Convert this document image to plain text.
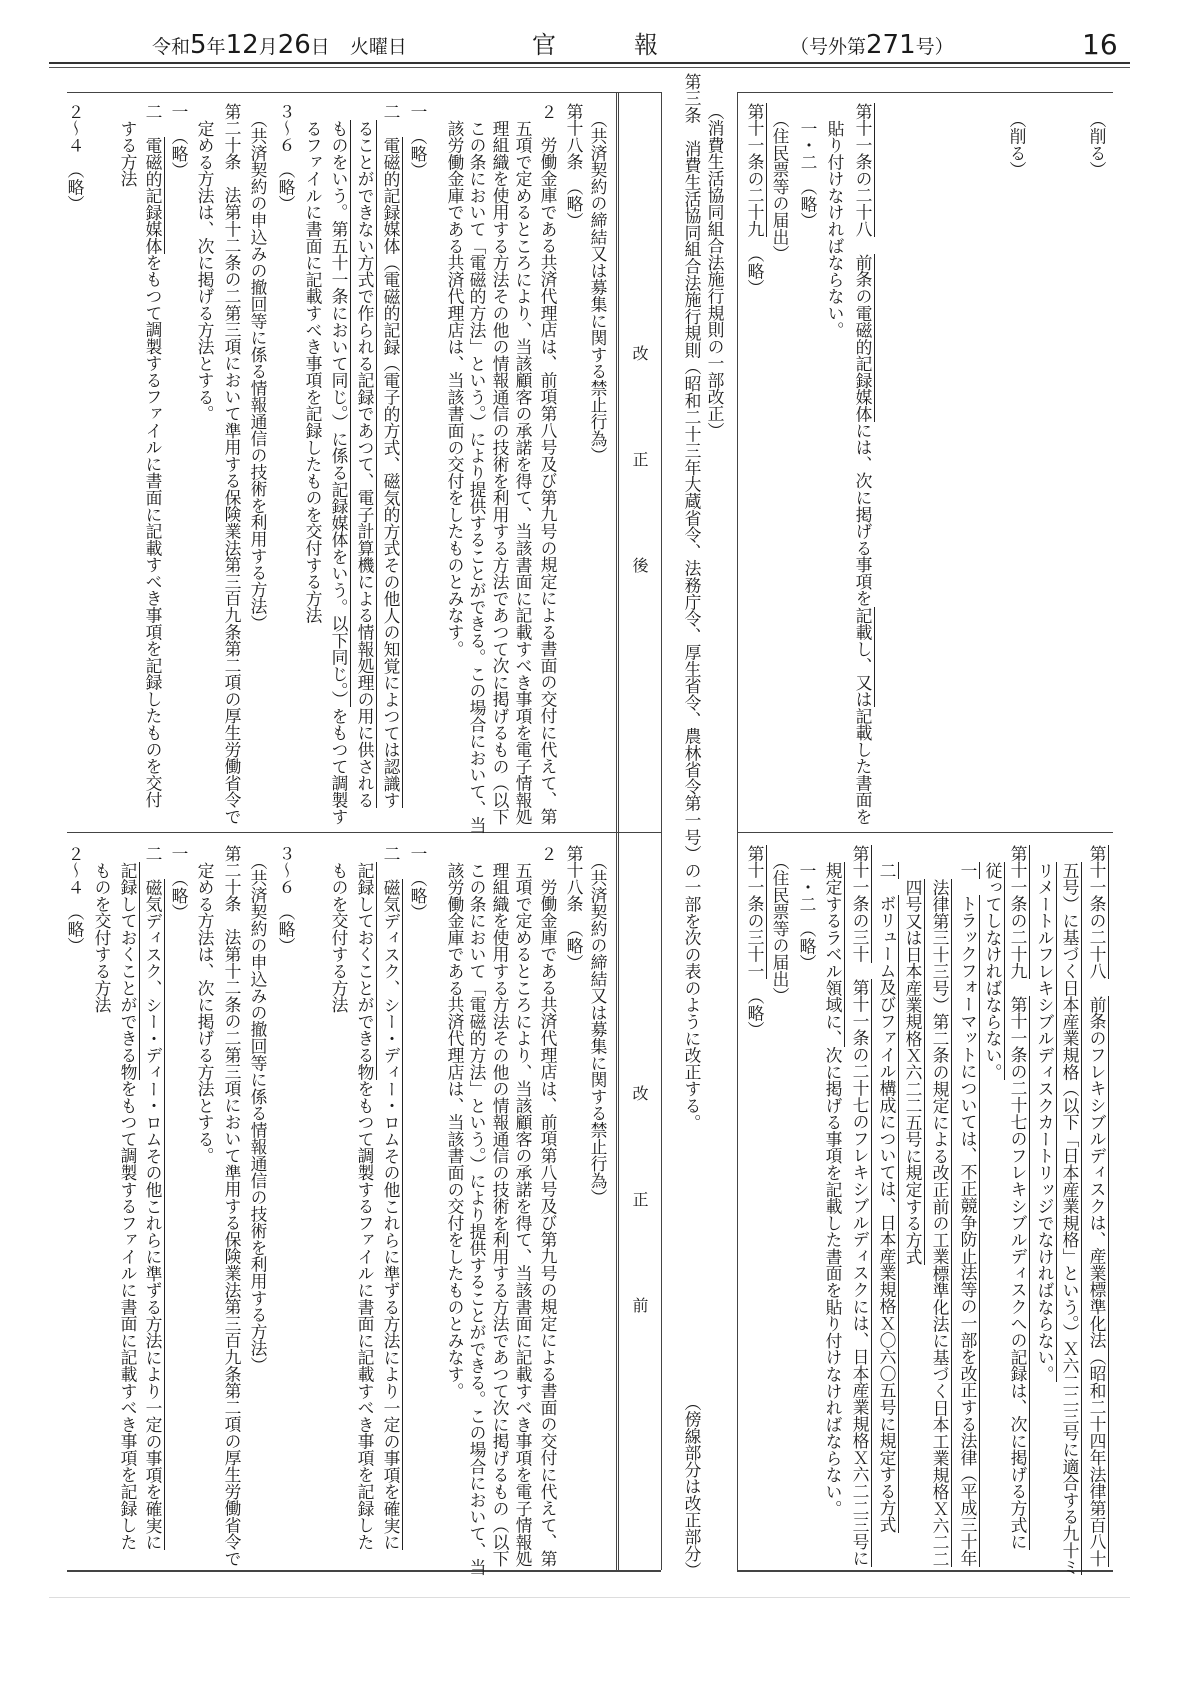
令和5年12月26日 火曜日	官	報	（号外第271号）	16
（削る）
（削る）
第十一条の二十八　前条の電磁的記録媒体には、次に掲げる事項を記載し、又は記載した書面を
貼り付けなければならない。
一・二　（略）
（住民票等の届出）
第十一条の二十九　（略）
第十一条の二十八　前条のフレキシブルディスクは、産業標準化法（昭和二十四年法律第百八十
五号）に基づく日本産業規格（以下「日本産業規格」という。）Ｘ六二二三号に適合する九十ミ
リメートルフレキシブルディスクカートリッジでなければならない。
第十一条の二十九　第十一条の二十七のフレキシブルディスクへの記録は、次に掲げる方式に
従ってしなければならない。
一　トラックフォーマットについては、不正競争防止法等の一部を改正する法律（平成三十年
法律第三十三号）第二条の規定による改正前の工業標準化法に基づく日本工業規格Ｘ六二二
四号又は日本産業規格Ｘ六二二五号に規定する方式
二　ボリューム及びファイル構成については、日本産業規格Ｘ〇六〇五号に規定する方式
第十一条の三十　第十一条の二十七のフレキシブルディスクには、日本産業規格Ｘ六二二三号に
規定するラベル領域に、次に掲げる事項を記載した書面を貼り付けなければならない。
一・二　（略）
（住民票等の届出）
第十一条の三十一　（略）
（消費生活協同組合法施行規則の一部改正）
第三条　消費生活協同組合法施行規則（昭和二十三年大蔵省令、法務庁令、厚生省令、農林省令第一号）の一部を次の表のように改正する。
（傍線部分は改正部分）
改正後
改正前
（共済契約の締結又は募集に関する禁止行為）
第十八条　（略）
２　労働金庫である共済代理店は、前項第八号及び第九号の規定による書面の交付に代えて、第
五項で定めるところにより、当該顧客の承諾を得て、当該書面に記載すべき事項を電子情報処
理組織を使用する方法その他の情報通信の技術を利用する方法であつて次に掲げるもの（以下
この条において「電磁的方法」という。）により提供することができる。この場合において、当
該労働金庫である共済代理店は、当該書面の交付をしたものとみなす。
一　（略）
二　電磁的記録媒体（電磁的記録（電子的方式、磁気的方式その他人の知覚によつては認識す
ることができない方式で作られる記録であつて、電子計算機による情報処理の用に供される
ものをいう。第五十一条において同じ。）に係る記録媒体をいう。以下同じ。）をもつて調製す
るファイルに書面に記載すべき事項を記録したものを交付する方法
３～６　（略）
（共済契約の申込みの撤回等に係る情報通信の技術を利用する方法）
第二十条　法第十二条の二第三項において準用する保険業法第三百九条第二項の厚生労働省令で
定める方法は、次に掲げる方法とする。
一　（略）
二　電磁的記録媒体をもつて調製するファイルに書面に記載すべき事項を記録したものを交付
する方法
２～４　（略）
（共済契約の締結又は募集に関する禁止行為）
第十八条　（略）
２　労働金庫である共済代理店は、前項第八号及び第九号の規定による書面の交付に代えて、第
五項で定めるところにより、当該顧客の承諾を得て、当該書面に記載すべき事項を電子情報処
理組織を使用する方法その他の情報通信の技術を利用する方法であつて次に掲げるもの（以下
この条において「電磁的方法」という。）により提供することができる。この場合において、当
該労働金庫である共済代理店は、当該書面の交付をしたものとみなす。
一　（略）
二　磁気ディスク、シー・ディー・ロムその他これらに準ずる方法により一定の事項を確実に
記録しておくことができる物をもつて調製するファイルに書面に記載すべき事項を記録した
ものを交付する方法
３～６　（略）
（共済契約の申込みの撤回等に係る情報通信の技術を利用する方法）
第二十条　法第十二条の二第三項において準用する保険業法第三百九条第二項の厚生労働省令で
定める方法は、次に掲げる方法とする。
一　（略）
二　磁気ディスク、シー・ディー・ロムその他これらに準ずる方法により一定の事項を確実に
記録しておくことができる物をもつて調製するファイルに書面に記載すべき事項を記録した
ものを交付する方法
２～４　（略）
